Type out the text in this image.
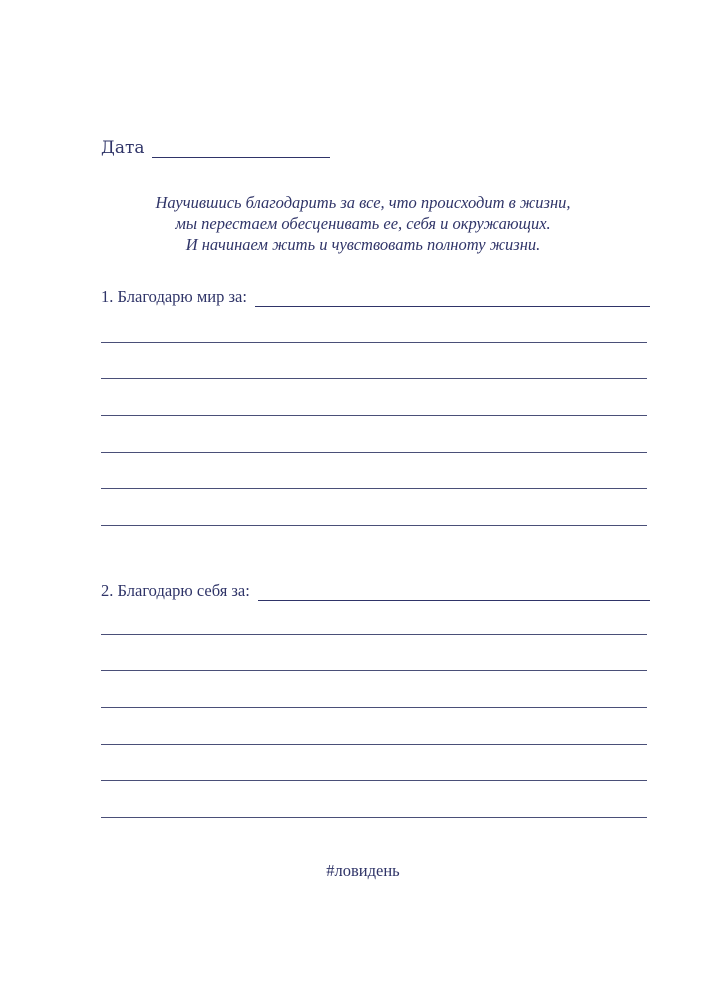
Дата
Научившись благодарить за все, что происходит в жизни,
мы перестаем обесценивать ее, себя и окружающих.
И начинаем жить и чувствовать полноту жизни.
1. Благодарю мир за:
2. Благодарю себя за:
#ловидень
